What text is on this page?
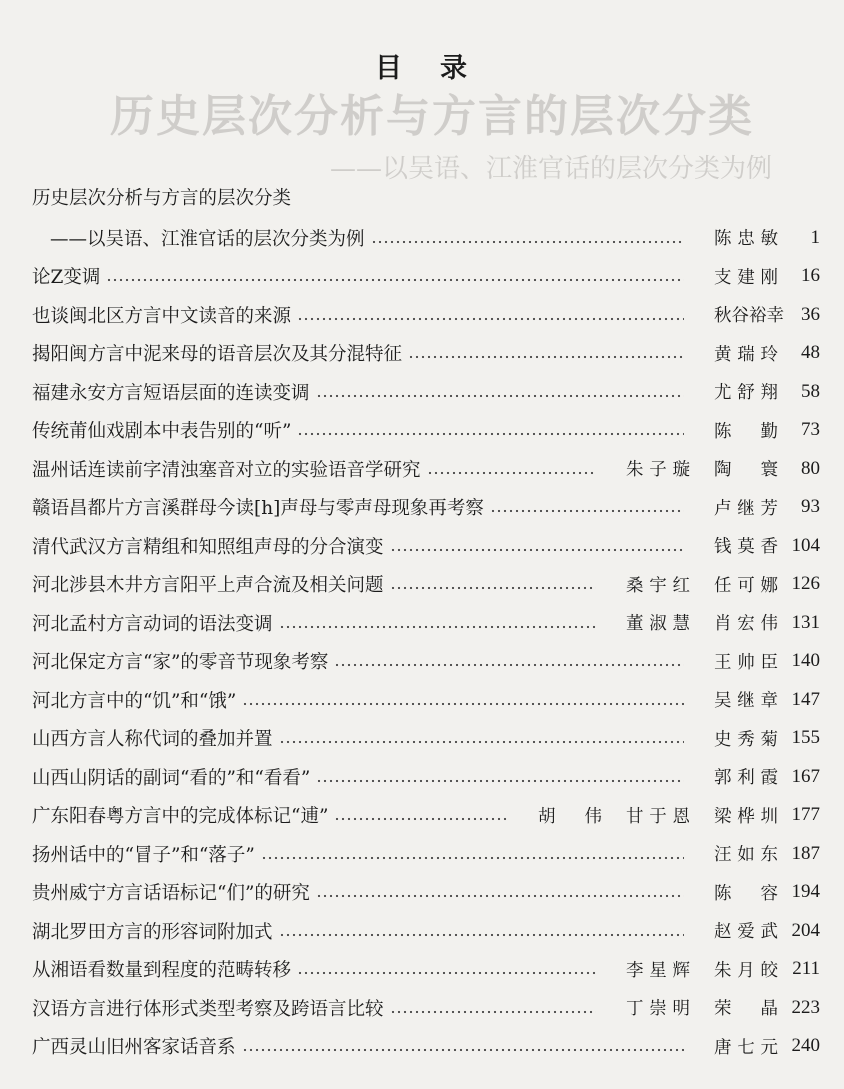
历史层次分析与方言的层次分类
——以吴语、江淮官话的层次分类为例
目 录
历史层次分析与方言的层次分类
——以吴语、江淮官话的层次分类为例	陈忠敏	1
论Z变调	支建刚	16
也谈闽北区方言中文读音的来源	秋谷裕幸 36
揭阳闽方言中泥来母的语音层次及其分混特征	黄瑞玲	48
福建永安方言短语层面的连读变调	尤舒翔	58
传统莆仙戏剧本中表告别的“听”	陈勤	73
温州话连读前字清浊塞音对立的实验语音学研究	朱子璇 陶寰	80
赣语昌都片方言溪群母今读[h]声母与零声母现象再考察	卢继芳	93
清代武汉方言精组和知照组声母的分合演变	钱莫香 104
河北涉县木井方言阳平上声合流及相关问题	桑宇红 任可娜 126
河北孟村方言动词的语法变调	董淑慧 肖宏伟 131
河北保定方言“家”的零音节现象考察	王帅臣 140
河北方言中的“饥”和“饿”	吴继章 147
山西方言人称代词的叠加并置	史秀菊 155
山西山阴话的副词“看的”和“看看”	郭利霞 167
广东阳春粤方言中的完成体标记“逋”	胡伟 甘于恩 梁桦圳 177
扬州话中的“冒子”和“落子”	汪如东 187
贵州威宁方言话语标记“们”的研究	陈容 194
湖北罗田方言的形容词附加式	赵爱武 204
从湘语看数量到程度的范畴转移	李星辉 朱月皎 211
汉语方言进行体形式类型考察及跨语言比较	丁崇明 荣晶 223
广西灵山旧州客家话音系	唐七元 240
